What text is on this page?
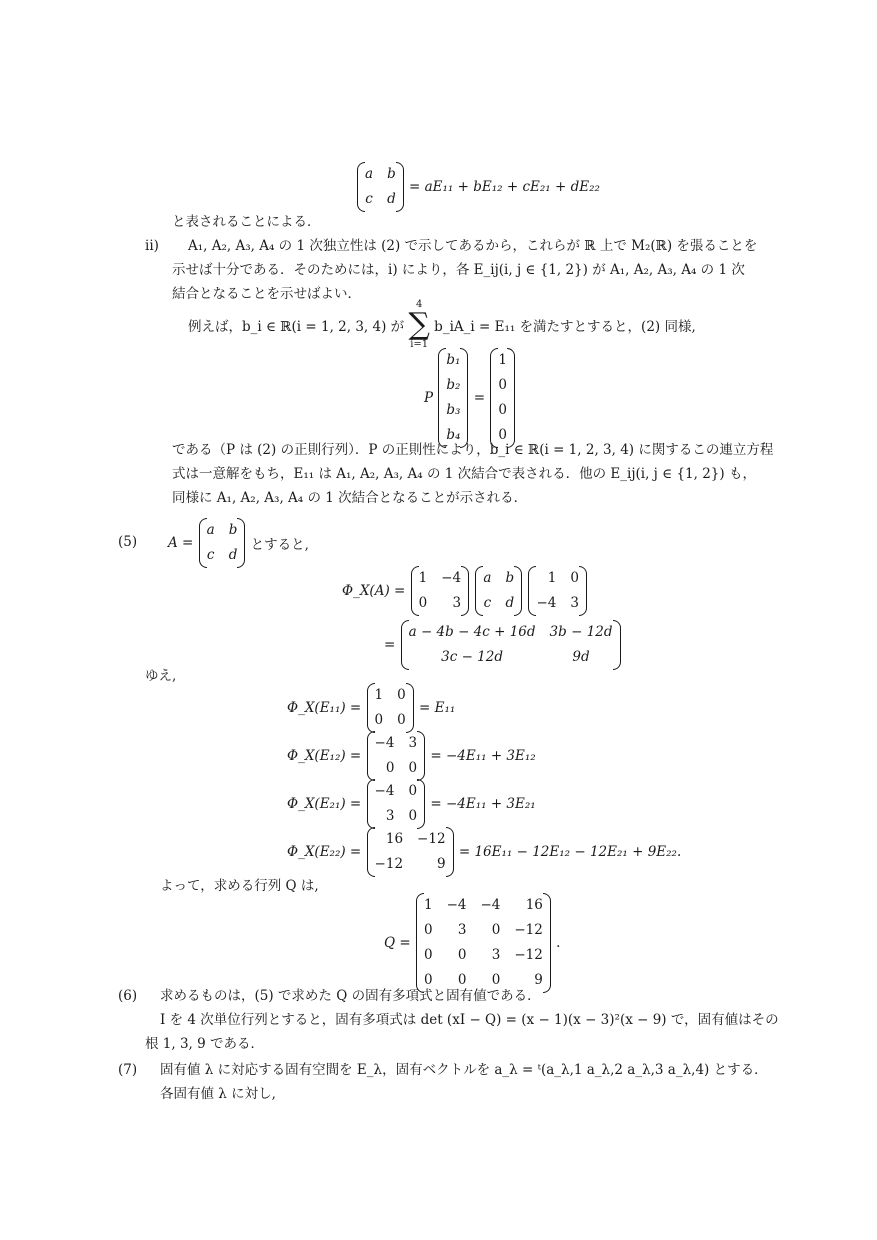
a	b
c	d
= aE₁₁ + bE₁₂ + cE₂₁ + dE₂₂
と表されることによる．
ii) A₁, A₂, A₃, A₄ の 1 次独立性は (2) で示してあるから，これらが ℝ 上で M₂(ℝ) を張ることを
示せば十分である．そのためには，i) により，各 E_ij(i, j ∈ {1, 2}) が A₁, A₂, A₃, A₄ の 1 次
結合となることを示せばよい．
例えば，b_i ∈ ℝ(i = 1, 2, 3, 4) が
4
∑
i=1
b_iA_i = E₁₁ を満たすとすると，(2) 同様,
P
b₁
b₂
b₃
b₄
=
1
0
0
0
である（P は (2) の正則行列）．P の正則性により，b_i ∈ ℝ(i = 1, 2, 3, 4) に関するこの連立方程
式は一意解をもち，E₁₁ は A₁, A₂, A₃, A₄ の 1 次結合で表される．他の E_ij(i, j ∈ {1, 2}) も，
同様に A₁, A₂, A₃, A₄ の 1 次結合となることが示される．
(5) A =
a	b
c	d
とすると,
Φ_X(A) =
1	−4
0	3

a	b
c	d

1	0
−4	3
=
a − 4b − 4c + 16d	3b − 12d
3c − 12d	9d
ゆえ,
Φ_X(E₁₁) =
1	0
0	0
= E₁₁
Φ_X(E₁₂) =
−4	3
0	0
= −4E₁₁ + 3E₁₂
Φ_X(E₂₁) =
−4	0
3	0
= −4E₁₁ + 3E₂₁
Φ_X(E₂₂) =
16	−12
−12	9
= 16E₁₁ − 12E₁₂ − 12E₂₁ + 9E₂₂.
よって，求める行列 Q は,
Q =
1	−4	−4	16
0	3	0	−12
0	0	3	−12
0	0	0	9
.
(6) 求めるものは，(5) で求めた Q の固有多項式と固有値である．
I を 4 次単位行列とすると，固有多項式は det (xI − Q) = (x − 1)(x − 3)²(x − 9) で，固有値はその
根 1, 3, 9 である．
(7) 固有値 λ に対応する固有空間を E_λ，固有ベクトルを a_λ = ᵗ(a_λ,1 a_λ,2 a_λ,3 a_λ,4) とする．
各固有値 λ に対し,
